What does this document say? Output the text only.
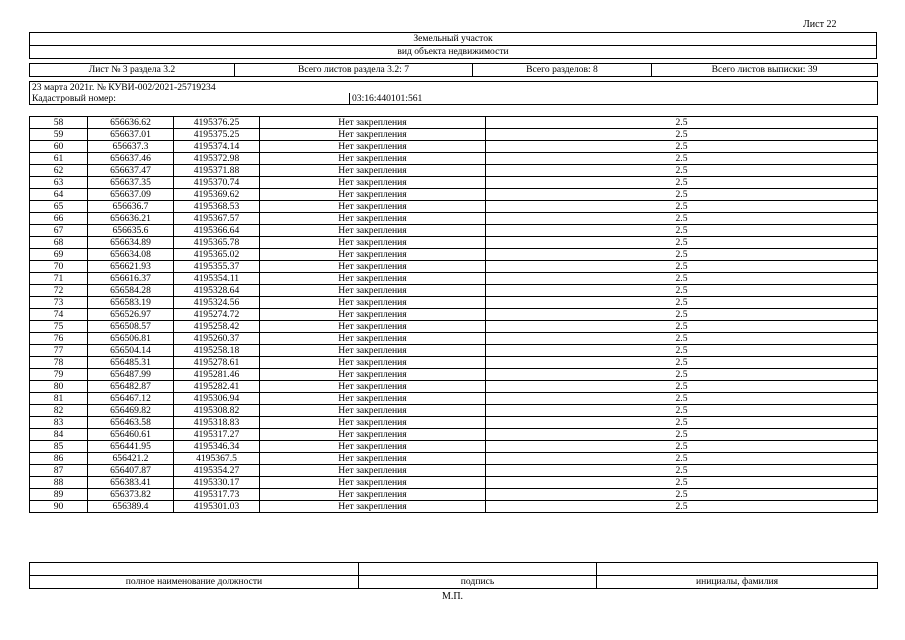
Лист 22
Земельный участок
вид объекта недвижимости
Лист № 3 раздела 3.2	Всего листов раздела 3.2: 7	Всего разделов: 8	Всего листов выписки: 39
23 марта 2021г. № КУВИ-002/2021-25719234
Кадастровый номер:	03:16:440101:561
58	656636.62	4195376.25	Нет закрепления	2.5
59	656637.01	4195375.25	Нет закрепления	2.5
60	656637.3	4195374.14	Нет закрепления	2.5
61	656637.46	4195372.98	Нет закрепления	2.5
62	656637.47	4195371.88	Нет закрепления	2.5
63	656637.35	4195370.74	Нет закрепления	2.5
64	656637.09	4195369.62	Нет закрепления	2.5
65	656636.7	4195368.53	Нет закрепления	2.5
66	656636.21	4195367.57	Нет закрепления	2.5
67	656635.6	4195366.64	Нет закрепления	2.5
68	656634.89	4195365.78	Нет закрепления	2.5
69	656634.08	4195365.02	Нет закрепления	2.5
70	656621.93	4195355.37	Нет закрепления	2.5
71	656616.37	4195354.11	Нет закрепления	2.5
72	656584.28	4195328.64	Нет закрепления	2.5
73	656583.19	4195324.56	Нет закрепления	2.5
74	656526.97	4195274.72	Нет закрепления	2.5
75	656508.57	4195258.42	Нет закрепления	2.5
76	656506.81	4195260.37	Нет закрепления	2.5
77	656504.14	4195258.18	Нет закрепления	2.5
78	656485.31	4195278.61	Нет закрепления	2.5
79	656487.99	4195281.46	Нет закрепления	2.5
80	656482.87	4195282.41	Нет закрепления	2.5
81	656467.12	4195306.94	Нет закрепления	2.5
82	656469.82	4195308.82	Нет закрепления	2.5
83	656463.58	4195318.83	Нет закрепления	2.5
84	656460.61	4195317.27	Нет закрепления	2.5
85	656441.95	4195346.34	Нет закрепления	2.5
86	656421.2	4195367.5	Нет закрепления	2.5
87	656407.87	4195354.27	Нет закрепления	2.5
88	656383.41	4195330.17	Нет закрепления	2.5
89	656373.82	4195317.73	Нет закрепления	2.5
90	656389.4	4195301.03	Нет закрепления	2.5

полное наименование должности	подпись	инициалы, фамилия
М.П.
